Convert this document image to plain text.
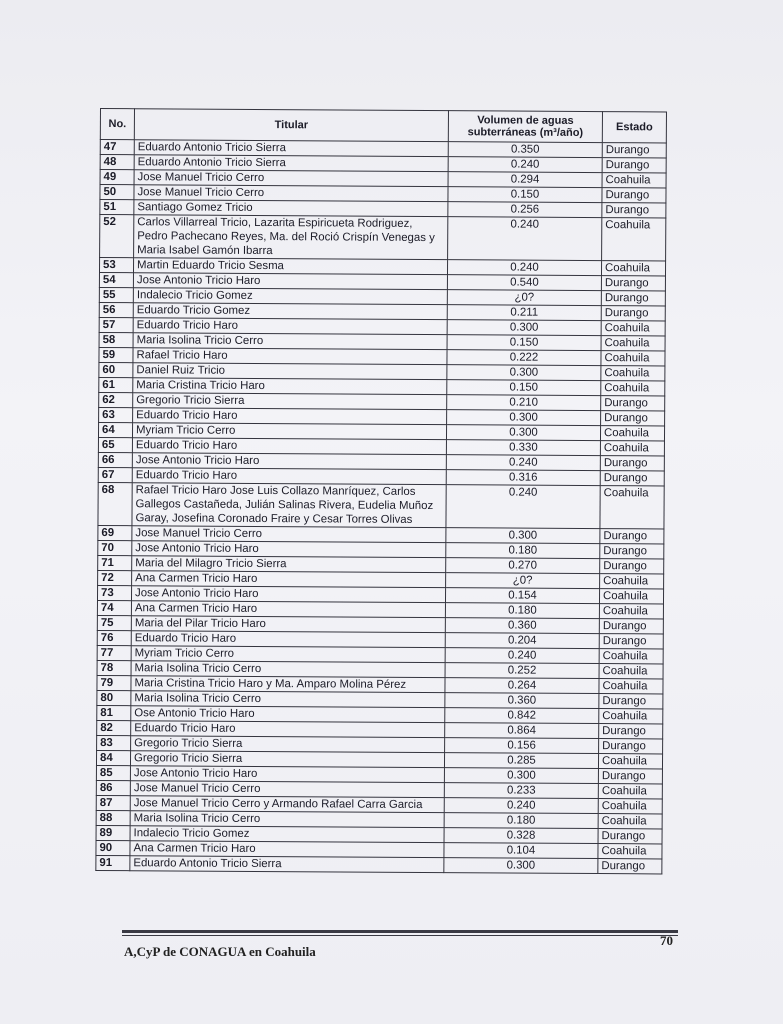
No.	Titular	Volumen de aguas subterráneas (m³/año)	Estado
47	Eduardo Antonio Tricio Sierra	0.350	Durango
48	Eduardo Antonio Tricio Sierra	0.240	Durango
49	Jose Manuel Tricio Cerro	0.294	Coahuila
50	Jose Manuel Tricio Cerro	0.150	Durango
51	Santiago Gomez Tricio	0.256	Durango
52	Carlos Villarreal Tricio, Lazarita Espiricueta Rodriguez, Pedro Pachecano Reyes, Ma. del Roció Crispín Venegas y Maria Isabel Gamón Ibarra	0.240	Coahuila
53	Martin Eduardo Tricio Sesma	0.240	Coahuila
54	Jose Antonio Tricio Haro	0.540	Durango
55	Indalecio Tricio Gomez	¿0?	Durango
56	Eduardo Tricio Gomez	0.211	Durango
57	Eduardo Tricio Haro	0.300	Coahuila
58	Maria Isolina Tricio Cerro	0.150	Coahuila
59	Rafael Tricio Haro	0.222	Coahuila
60	Daniel Ruiz Tricio	0.300	Coahuila
61	Maria Cristina Tricio Haro	0.150	Coahuila
62	Gregorio Tricio Sierra	0.210	Durango
63	Eduardo Tricio Haro	0.300	Durango
64	Myriam Tricio Cerro	0.300	Coahuila
65	Eduardo Tricio Haro	0.330	Coahuila
66	Jose Antonio Tricio Haro	0.240	Durango
67	Eduardo Tricio Haro	0.316	Durango
68	Rafael Tricio Haro Jose Luis Collazo Manríquez, Carlos Gallegos Castañeda, Julián Salinas Rivera, Eudelia Muñoz Garay, Josefina Coronado Fraire y Cesar Torres Olivas	0.240	Coahuila
69	Jose Manuel Tricio Cerro	0.300	Durango
70	Jose Antonio Tricio Haro	0.180	Durango
71	Maria del Milagro Tricio Sierra	0.270	Durango
72	Ana Carmen Tricio Haro	¿0?	Coahuila
73	Jose Antonio Tricio Haro	0.154	Coahuila
74	Ana Carmen Tricio Haro	0.180	Coahuila
75	Maria del Pilar Tricio Haro	0.360	Durango
76	Eduardo Tricio Haro	0.204	Durango
77	Myriam Tricio Cerro	0.240	Coahuila
78	Maria Isolina Tricio Cerro	0.252	Coahuila
79	Maria Cristina Tricio Haro y Ma. Amparo Molina Pérez	0.264	Coahuila
80	Maria Isolina Tricio Cerro	0.360	Durango
81	Ose Antonio Tricio Haro	0.842	Coahuila
82	Eduardo Tricio Haro	0.864	Durango
83	Gregorio Tricio Sierra	0.156	Durango
84	Gregorio Tricio Sierra	0.285	Coahuila
85	Jose Antonio Tricio Haro	0.300	Durango
86	Jose Manuel Tricio Cerro	0.233	Coahuila
87	Jose Manuel Tricio Cerro y Armando Rafael Carra Garcia	0.240	Coahuila
88	Maria Isolina Tricio Cerro	0.180	Coahuila
89	Indalecio Tricio Gomez	0.328	Durango
90	Ana Carmen Tricio Haro	0.104	Coahuila
91	Eduardo Antonio Tricio Sierra	0.300	Durango
A,CyP de CONAGUA en Coahuila
70
